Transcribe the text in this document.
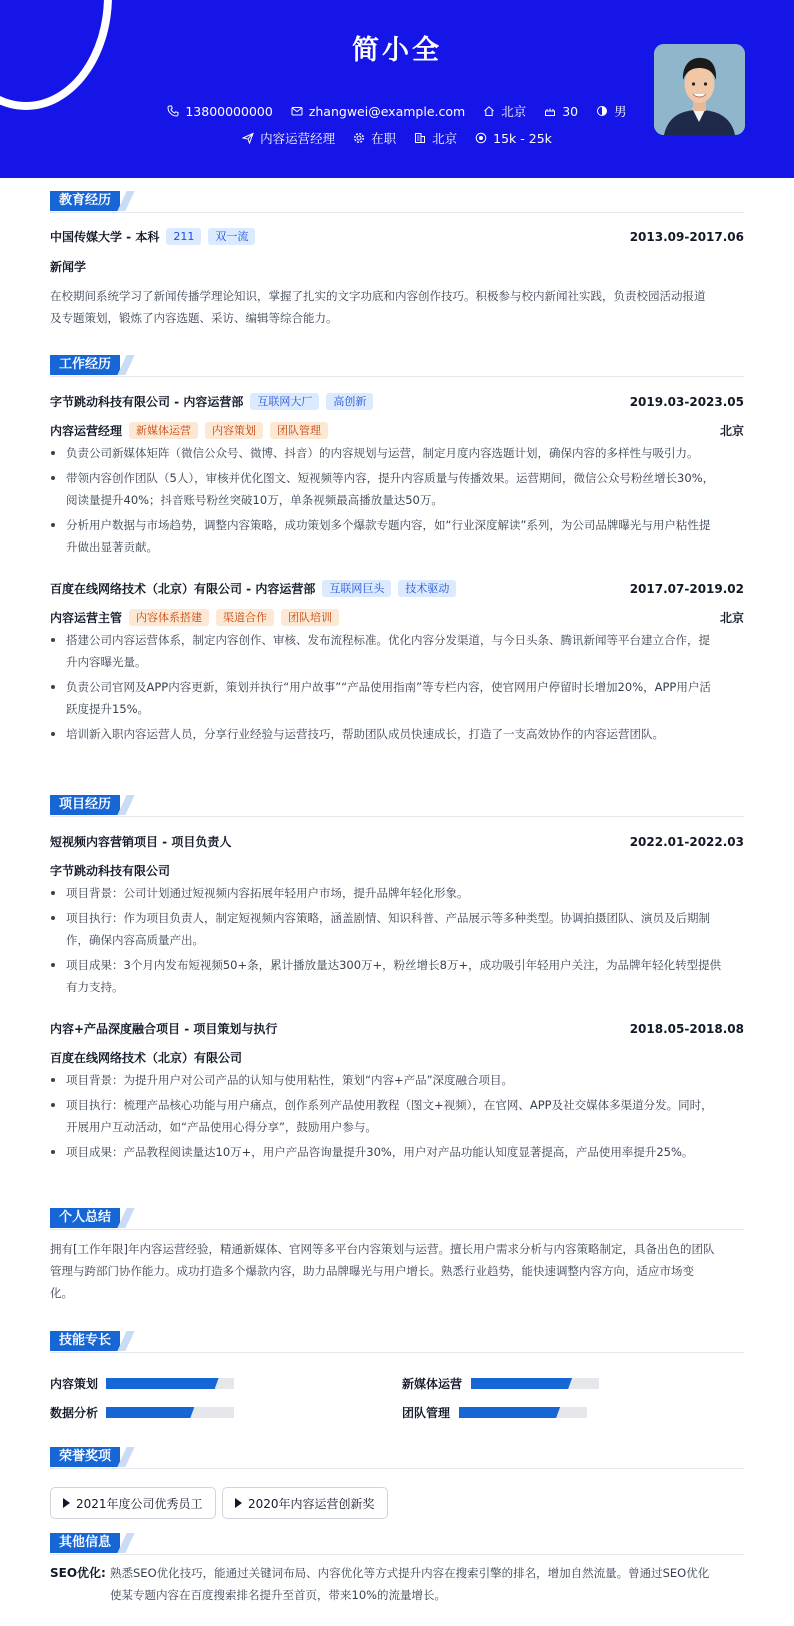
简小全
13800000000	zhangwei@example.com	北京	30	男
内容运营经理	在职	北京	15k - 25k
教育经历
中国传媒大学 - 本科	211	双一流	2013.09-2017.06
新闻学
在校期间系统学习了新闻传播学理论知识，掌握了扎实的文字功底和内容创作技巧。积极参与校内新闻社实践，负责校园活动报道
及专题策划，锻炼了内容选题、采访、编辑等综合能力。
工作经历
字节跳动科技有限公司 - 内容运营部	互联网大厂	高创新	2019.03-2023.05
内容运营经理	新媒体运营	内容策划	团队管理	北京
负责公司新媒体矩阵（微信公众号、微博、抖音）的内容规划与运营，制定月度内容选题计划，确保内容的多样性与吸引力。
带领内容创作团队（5人），审核并优化图文、短视频等内容，提升内容质量与传播效果。运营期间，微信公众号粉丝增长30%，
阅读量提升40%；抖音账号粉丝突破10万，单条视频最高播放量达50万。
分析用户数据与市场趋势，调整内容策略，成功策划多个爆款专题内容，如“行业深度解读”系列，为公司品牌曝光与用户粘性提
升做出显著贡献。
百度在线网络技术（北京）有限公司 - 内容运营部	互联网巨头	技术驱动	2017.07-2019.02
内容运营主管	内容体系搭建	渠道合作	团队培训	北京
搭建公司内容运营体系，制定内容创作、审核、发布流程标准。优化内容分发渠道，与今日头条、腾讯新闻等平台建立合作，提
升内容曝光量。
负责公司官网及APP内容更新，策划并执行“用户故事”“产品使用指南”等专栏内容，使官网用户停留时长增加20%，APP用户活
跃度提升15%。
培训新入职内容运营人员，分享行业经验与运营技巧，帮助团队成员快速成长，打造了一支高效协作的内容运营团队。
项目经历
短视频内容营销项目 - 项目负责人	2022.01-2022.03
字节跳动科技有限公司
项目背景：公司计划通过短视频内容拓展年轻用户市场，提升品牌年轻化形象。
项目执行：作为项目负责人，制定短视频内容策略，涵盖剧情、知识科普、产品展示等多种类型。协调拍摄团队、演员及后期制
作，确保内容高质量产出。
项目成果：3个月内发布短视频50+条，累计播放量达300万+，粉丝增长8万+，成功吸引年轻用户关注，为品牌年轻化转型提供
有力支持。
内容+产品深度融合项目 - 项目策划与执行	2018.05-2018.08
百度在线网络技术（北京）有限公司
项目背景：为提升用户对公司产品的认知与使用粘性，策划“内容+产品”深度融合项目。
项目执行：梳理产品核心功能与用户痛点，创作系列产品使用教程（图文+视频），在官网、APP及社交媒体多渠道分发。同时，
开展用户互动活动，如“产品使用心得分享”，鼓励用户参与。
项目成果：产品教程阅读量达10万+，用户产品咨询量提升30%，用户对产品功能认知度显著提高，产品使用率提升25%。
个人总结
拥有[工作年限]年内容运营经验，精通新媒体、官网等多平台内容策划与运营。擅长用户需求分析与内容策略制定，具备出色的团队
管理与跨部门协作能力。成功打造多个爆款内容，助力品牌曝光与用户增长。熟悉行业趋势，能快速调整内容方向，适应市场变
化。
技能专长
内容策划	新媒体运营
数据分析	团队管理
荣誉奖项
2021年度公司优秀员工	2020年内容运营创新奖
其他信息
SEO优化: 熟悉SEO优化技巧，能通过关键词布局、内容优化等方式提升内容在搜索引擎的排名，增加自然流量。曾通过SEO优化
使某专题内容在百度搜索排名提升至首页，带来10%的流量增长。
